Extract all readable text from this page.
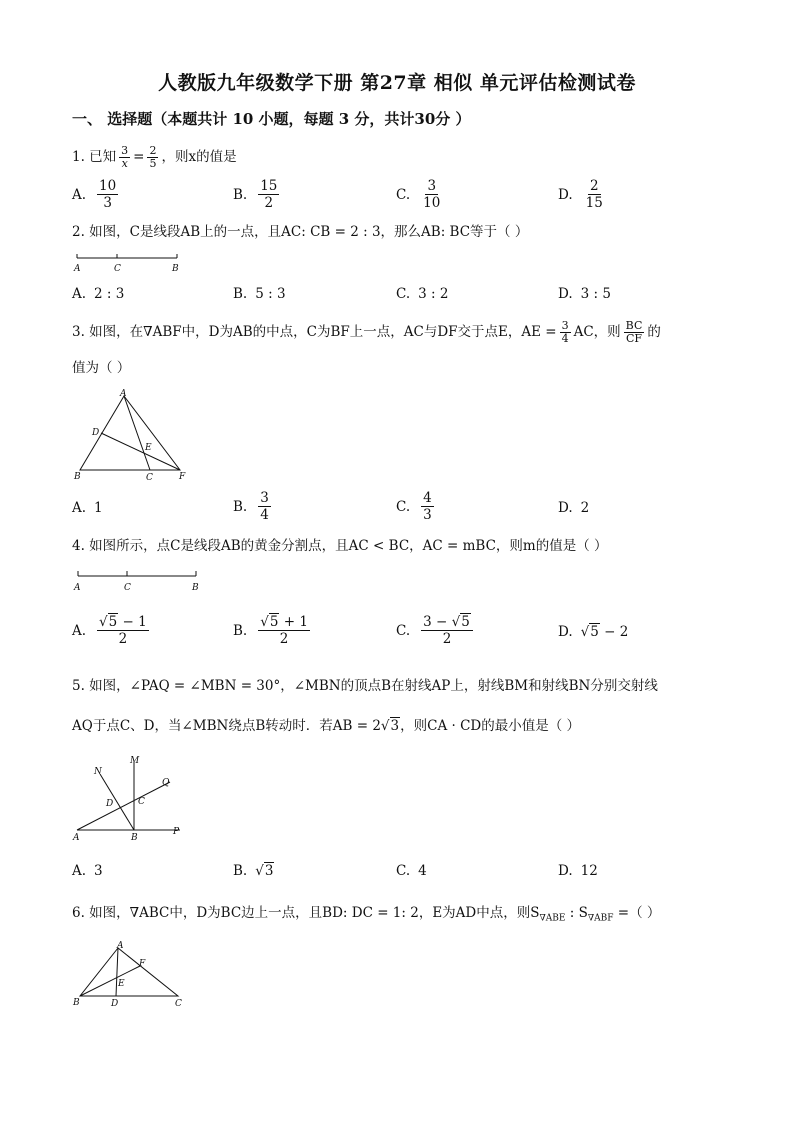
人教版九年级数学下册 第27章 相似 单元评估检测试卷
一、 选择题（本题共计 10 小题，每题 3 分，共计30分 ）
1. 已知 $\frac{3}{x} = \frac{2}{5}$ ，则x的值是
A. $\frac{10}{3}$	B. $\frac{15}{2}$	C. $\frac{3}{10}$	D. $\frac{2}{15}$
2. 如图，C是线段AB上的一点，且AC: CB = 2 : 3，那么AB: BC等于（ ）
A	C	B
A. 2 : 3	B. 5 : 3	C. 3 : 2	D. 3 : 5
3. 如图，在∇ABF中，D为AB的中点，C为BF上一点，AC与DF交于点E，AE = $\frac{3}{4}$ AC，则 $\frac{BC}{CF}$ 的
值为（ ）
A
D
E
B	C	F
A. 1	B. $\frac{3}{4}$	C. $\frac{4}{3}$	D. 2
4. 如图所示，点C是线段AB的黄金分割点，且AC < BC，AC = mBC，则m的值是（ ）
A	C	B
A. $\frac{√5 - 1}{2}$	B. $\frac{√5 + 1}{2}$	C. $\frac{3 - √5}{2}$	D. √5 − 2
5. 如图，∠PAQ = ∠MBN = 30°，∠MBN的顶点B在射线AP上，射线BM和射线BN分别交射线
AQ于点C、D，当∠MBN绕点B转动时．若AB = 2√3，则CA · CD的最小值是（ ）
N
M
Q
D	C
A	B
P
A. 3	B. √3	C. 4	D. 12
6. 如图，∇ABC中，D为BC边上一点，且BD: DC = 1: 2，E为AD中点，则$S_{\nabla ABE}$ : $S_{\nabla ABF}$ =（ ）
A
F
E
B	D	C
